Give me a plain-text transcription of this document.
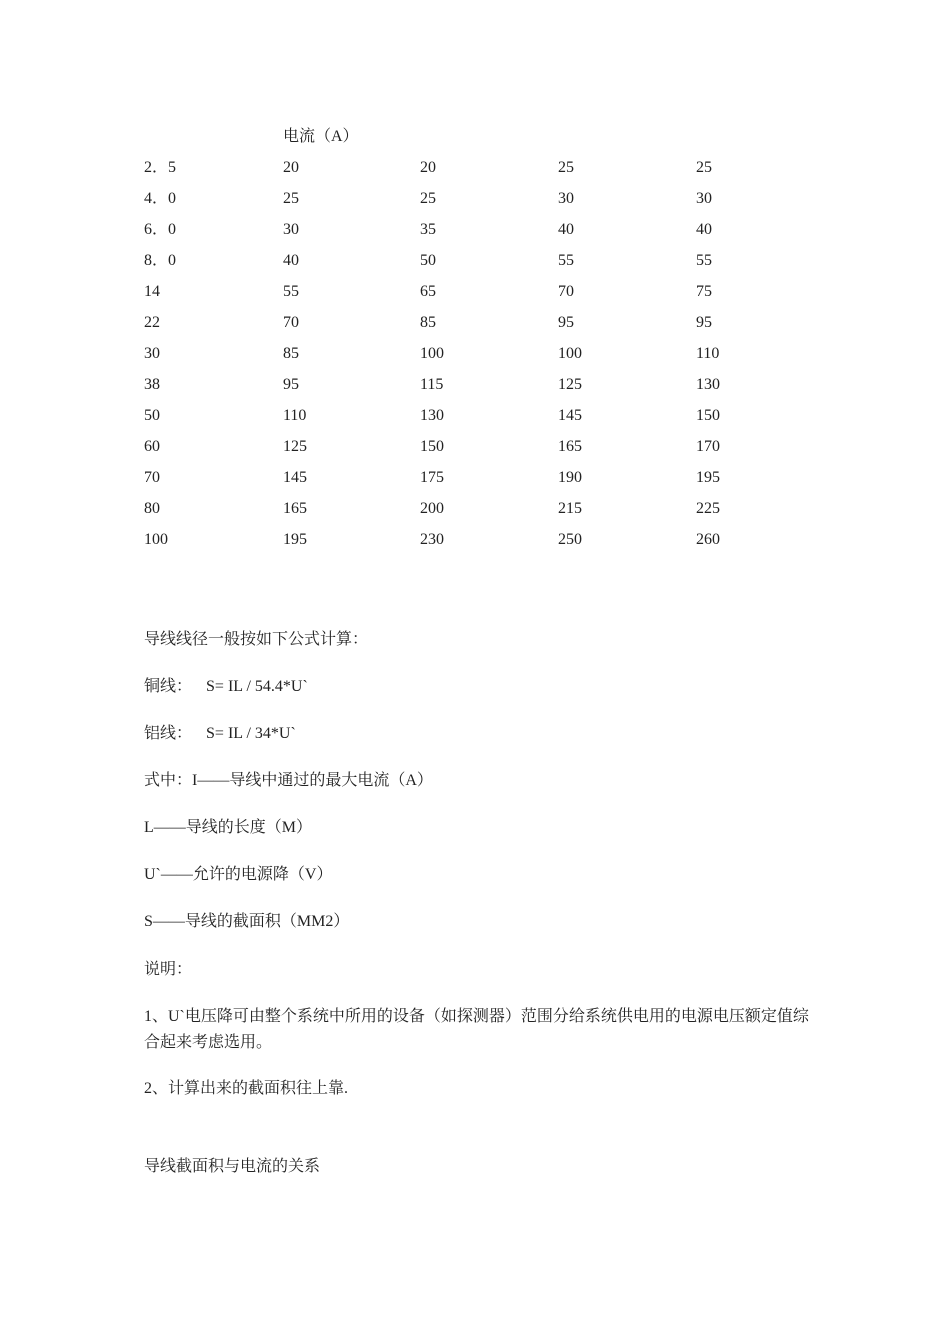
电流（A）
2．5	20	20	25	25
4．0	25	25	30	30
6．0	30	35	40	40
8．0	40	50	55	55
14	55	65	70	75
22	70	85	95	95
30	85	100	100	110
38	95	115	125	130
50	110	130	145	150
60	125	150	165	170
70	145	175	190	195
80	165	200	215	225
100	195	230	250	260

导线线径一般按如下公式计算：

铜线： S= IL / 54.4*U`

铝线： S= IL / 34*U`

式中：I——导线中通过的最大电流（A）

L——导线的长度（M）

U`——允许的电源降（V）

S——导线的截面积（MM2）

说明：

1、U`电压降可由整个系统中所用的设备（如探测器）范围分给系统供电用的电源电压额定值综合起来考虑选用。

2、计算出来的截面积往上靠.

导线截面积与电流的关系
